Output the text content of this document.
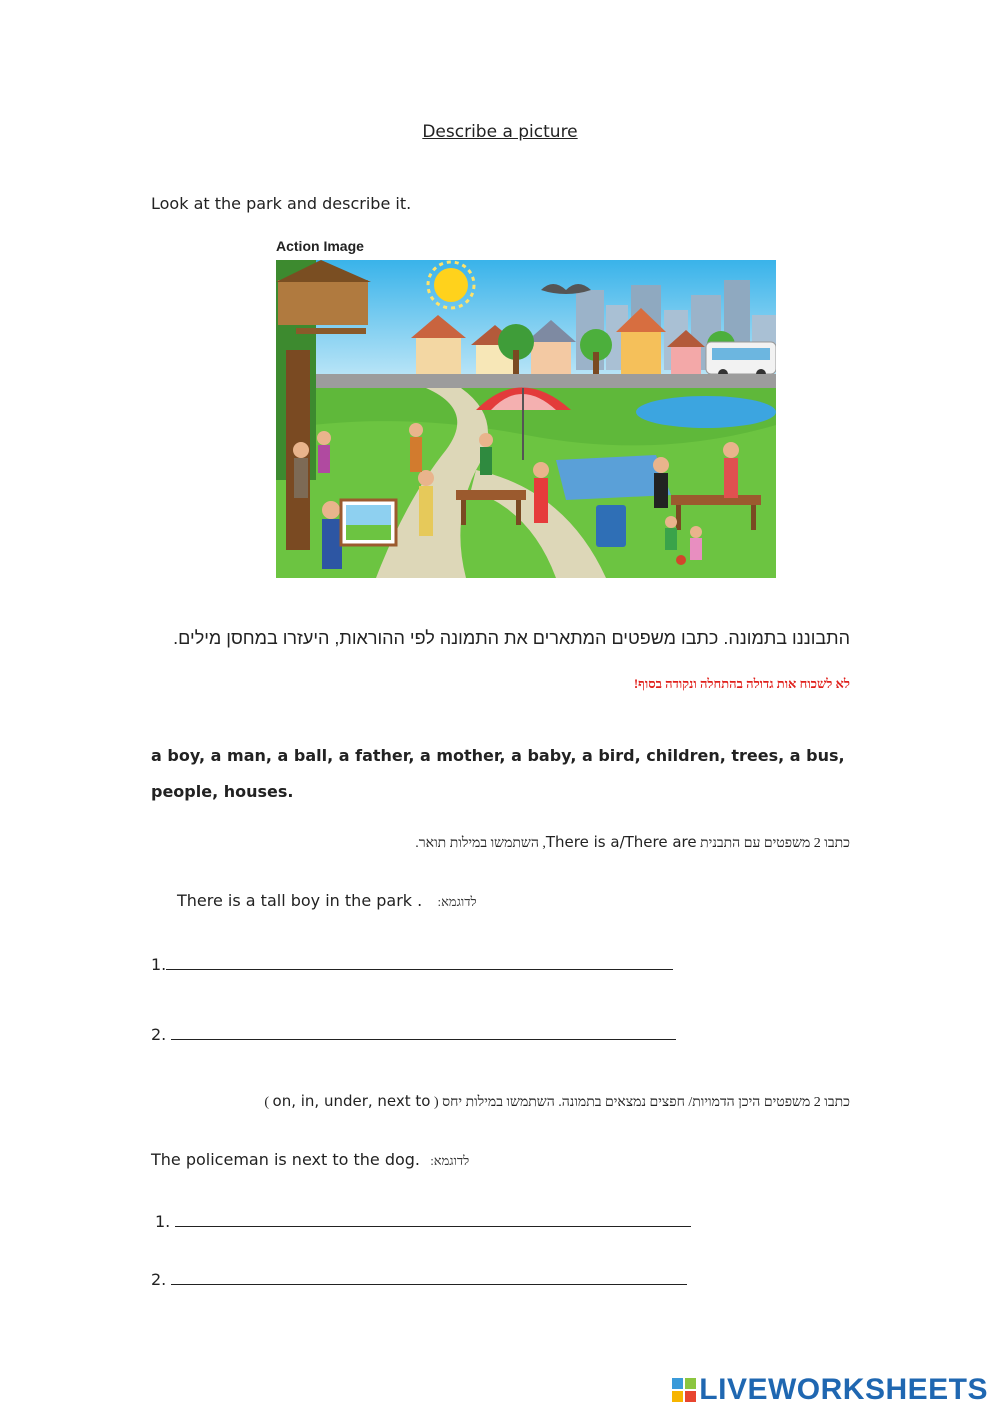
Describe a picture
Look at the park and describe it.
Action Image
התבוננו בתמונה. כתבו משפטים המתארים את התמונה לפי ההוראות, היעזרו במחסן מילים.
לא לשכוח אות גדולה בהתחלה ונקודה בסוף!
a boy, a man, a ball, a father, a mother, a baby, a bird, children, trees, a bus, people, houses.
כתבו 2 משפטים עם התבנית There is a/There are, השתמשו במילות תואר.
There is a tall boy in the park . לדוגמא:
1.
2.
כתבו 2 משפטים היכן הדמויות/ חפצים נמצאים בתמונה. השתמשו במילות יחס ( on, in, under, next to )
The policeman is next to the dog. לדוגמא:
1.
2.
LIVEWORKSHEETS
